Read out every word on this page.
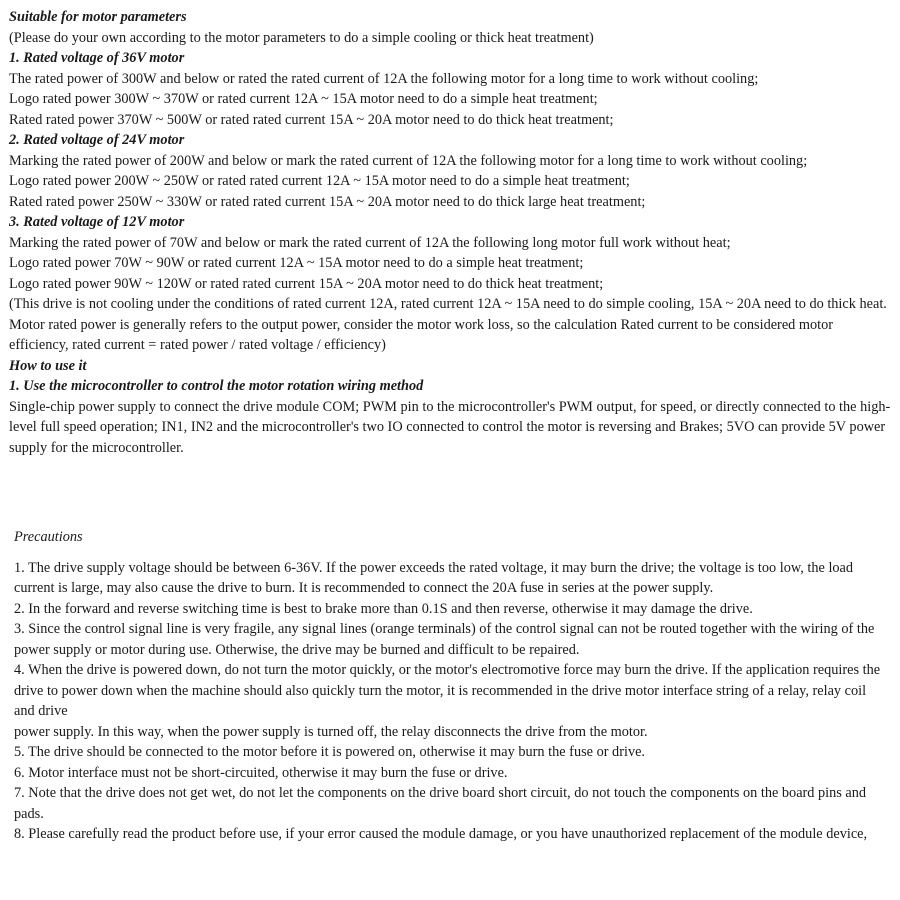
Suitable for motor parameters
(Please do your own according to the motor parameters to do a simple cooling or thick heat treatment)
1. Rated voltage of 36V motor
The rated power of 300W and below or rated the rated current of 12A the following motor for a long time to work without cooling;
Logo rated power 300W ~ 370W or rated current 12A ~ 15A motor need to do a simple heat treatment;
Rated rated power 370W ~ 500W or rated rated current 15A ~ 20A motor need to do thick heat treatment;
2. Rated voltage of 24V motor
Marking the rated power of 200W and below or mark the rated current of 12A the following motor for a long time to work without cooling;
Logo rated power 200W ~ 250W or rated rated current 12A ~ 15A motor need to do a simple heat treatment;
Rated rated power 250W ~ 330W or rated rated current 15A ~ 20A motor need to do thick large heat treatment;
3. Rated voltage of 12V motor
Marking the rated power of 70W and below or mark the rated current of 12A the following long motor full work without heat;
Logo rated power 70W ~ 90W or rated current 12A ~ 15A motor need to do a simple heat treatment;
Logo rated power 90W ~ 120W or rated rated current 15A ~ 20A motor need to do thick heat treatment;
(This drive is not cooling under the conditions of rated current 12A, rated current 12A ~ 15A need to do simple cooling, 15A ~ 20A need to do thick heat. Motor rated power is generally refers to the output power, consider the motor work loss, so the calculation Rated current to be considered motor efficiency, rated current = rated power / rated voltage / efficiency)
How to use it
1. Use the microcontroller to control the motor rotation wiring method
Single-chip power supply to connect the drive module COM; PWM pin to the microcontroller's PWM output, for speed, or directly connected to the high-level full speed operation; IN1, IN2 and the microcontroller's two IO connected to control the motor is reversing and Brakes; 5VO can provide 5V power supply for the microcontroller.
Precautions
1. The drive supply voltage should be between 6-36V. If the power exceeds the rated voltage, it may burn the drive; the voltage is too low, the load current is large, may also cause the drive to burn. It is recommended to connect the 20A fuse in series at the power supply.
2. In the forward and reverse switching time is best to brake more than 0.1S and then reverse, otherwise it may damage the drive.
3. Since the control signal line is very fragile, any signal lines (orange terminals) of the control signal can not be routed together with the wiring of the power supply or motor during use. Otherwise, the drive may be burned and difficult to be repaired.
4. When the drive is powered down, do not turn the motor quickly, or the motor's electromotive force may burn the drive. If the application requires the drive to power down when the machine should also quickly turn the motor, it is recommended in the drive motor interface string of a relay, relay coil and drive
power supply. In this way, when the power supply is turned off, the relay disconnects the drive from the motor.
5. The drive should be connected to the motor before it is powered on, otherwise it may burn the fuse or drive.
6. Motor interface must not be short-circuited, otherwise it may burn the fuse or drive.
7. Note that the drive does not get wet, do not let the components on the drive board short circuit, do not touch the components on the board pins and pads.
8. Please carefully read the product before use, if your error caused the module damage, or you have unauthorized replacement of the module device,
